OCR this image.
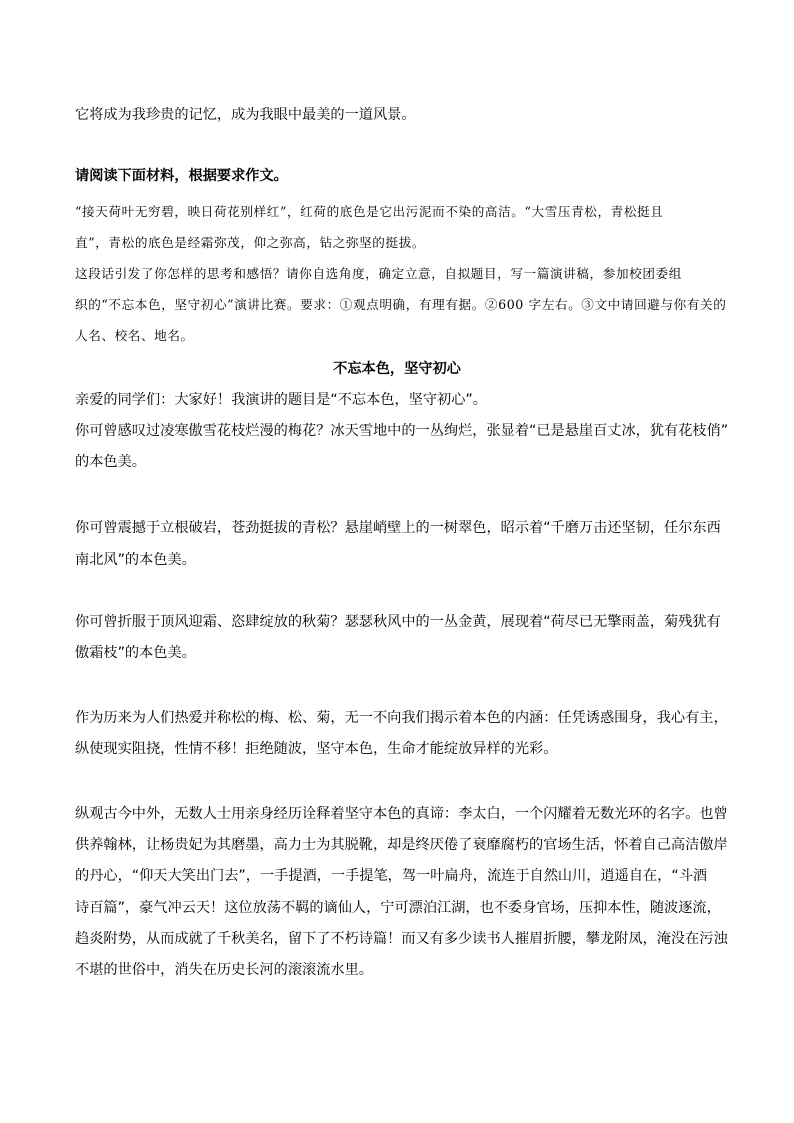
它将成为我珍贵的记忆，成为我眼中最美的一道风景。

请阅读下面材料，根据要求作文。

“接天荷叶无穷碧，映日荷花别样红”，红荷的底色是它出污泥而不染的高洁。“大雪压青松，青松挺且

直”，青松的底色是经霜弥茂，仰之弥高，钻之弥坚的挺拔。

这段话引发了你怎样的思考和感悟？请你自选角度，确定立意，自拟题目，写一篇演讲稿，参加校团委组

织的“不忘本色，坚守初心”演讲比赛。要求：①观点明确，有理有据。②600 字左右。③文中请回避与你有关的

人名、校名、地名。

不忘本色，坚守初心

亲爱的同学们：大家好！我演讲的题目是“不忘本色，坚守初心”。

你可曾感叹过凌寒傲雪花枝烂漫的梅花？冰天雪地中的一丛绚烂，张显着“已是悬崖百丈冰，犹有花枝俏”

的本色美。

你可曾震撼于立根破岩，苍劲挺拔的青松？悬崖峭壁上的一树翠色，昭示着“千磨万击还坚韧，任尔东西

南北风”的本色美。

你可曾折服于顶风迎霜、恣肆绽放的秋菊？瑟瑟秋风中的一丛金黄，展现着“荷尽已无擎雨盖，菊残犹有

傲霜枝”的本色美。

作为历来为人们热爱并称松的梅、松、菊，无一不向我们揭示着本色的内涵：任凭诱惑围身，我心有主，

纵使现实阻挠，性情不移！拒绝随波，坚守本色，生命才能绽放异样的光彩。

纵观古今中外，无数人士用亲身经历诠释着坚守本色的真谛：李太白，一个闪耀着无数光环的名字。也曾

供养翰林，让杨贵妃为其磨墨，高力士为其脱靴，却是终厌倦了衰靡腐朽的官场生活，怀着自己高洁傲岸

的丹心，“仰天大笑出门去”，一手提酒，一手提笔，驾一叶扁舟，流连于自然山川，逍遥自在，“斗酒

诗百篇”，豪气冲云天！这位放荡不羁的谪仙人，宁可漂泊江湖，也不委身官场，压抑本性，随波逐流，

趋炎附势，从而成就了千秋美名，留下了不朽诗篇！而又有多少读书人摧眉折腰，攀龙附凤，淹没在污浊

不堪的世俗中，消失在历史长河的滚滚流水里。
